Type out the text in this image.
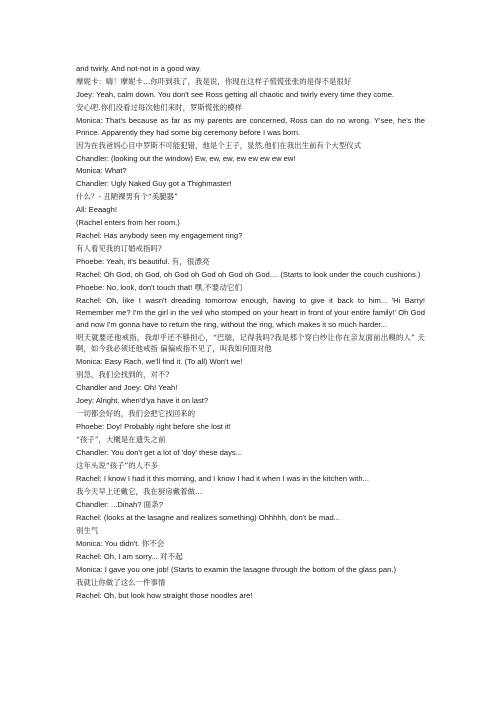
and twirly. And not-not in a good way.

摩妮卡：嗨！摩妮卡…你吓到我了，我是说，你现在这样子慌慌张张的是得不是很好

Joey: Yeah, calm down. You don't see Ross getting all chaotic and twirly every time they come.

安心吧.你们没看过每次他们来时，罗斯慌张的模样

Monica: That's because as far as my parents are concerned, Ross can do no wrong. Y'see, he's the Prince. Apparently they had some big ceremony before I was born.

因为在我爸妈心目中罗斯不可能犯错，他是个王子，显然,他们在我出生前有个大型仪式

Chandler: (looking out the window) Ew, ew, ew, ew ew ew ew ew!

Monica: What?

Chandler: Ugly Naked Guy got a Thighmaster!

什么？- 丑陋裸男有个“美腿器”

All: Eeaagh!

(Rachel enters from her room.)

Rachel: Has anybody seen my engagement ring?

有人看见我的订婚戒指吗?

Phoebe: Yeah, it's beautiful. 有，很漂亮

Rachel: Oh God, oh God, oh God oh God oh God oh God.... (Starts to look under the couch cushions.)

Phoebe: No, look, don't touch that! 嘿,不要动它们

Rachel: Oh, like I wasn't dreading tomorrow enough, having to give it back to him... 'Hi Barry! Remember me? I'm the girl in the veil who stomped on your heart in front of your entire family!' Oh God and now I'm gonna have to return the ring, without the ring, which makes it so much harder...

明天就要还他戒指，我却乎还不够担心，“巴瑞，记得我吗?我是那个穿白纱让你在亲友面前出糗的人” 天啊，如今我必须还他戒指 偏偏戒指不见了，叫我如何面对他

Monica: Easy Rach, we'll find it. (To all) Won't we!

别急，我们会找到的，对不?

Chandler and Joey: Oh! Yeah!

Joey: Alright, when'd'ya have it on last?

一切都会好的，我们会把它找回来的

Phoebe: Doy! Probably right before she lost it!

“孩子”，大概是在遗失之前

Chandler: You don't get a lot of 'doy' these days...

这年头说“孩子”的人不多

Rachel: I know I had it this morning, and I know I had it when I was in the kitchen with...

我今天早上还戴它，我在厨房戴着做…

Chandler: ...Dinah? 面条?

Rachel: (looks at the lasagne and realizes something) Ohhhhh, don't be mad...

别生气

Monica: You didn't. 你不会

Rachel: Oh, I am sorry... 对不起

Monica: I gave you one job! (Starts to examin the lasagne through the bottom of the glass pan.)

我就让你做了这么一件事情

Rachel: Oh, but look how straight those noodles are!
